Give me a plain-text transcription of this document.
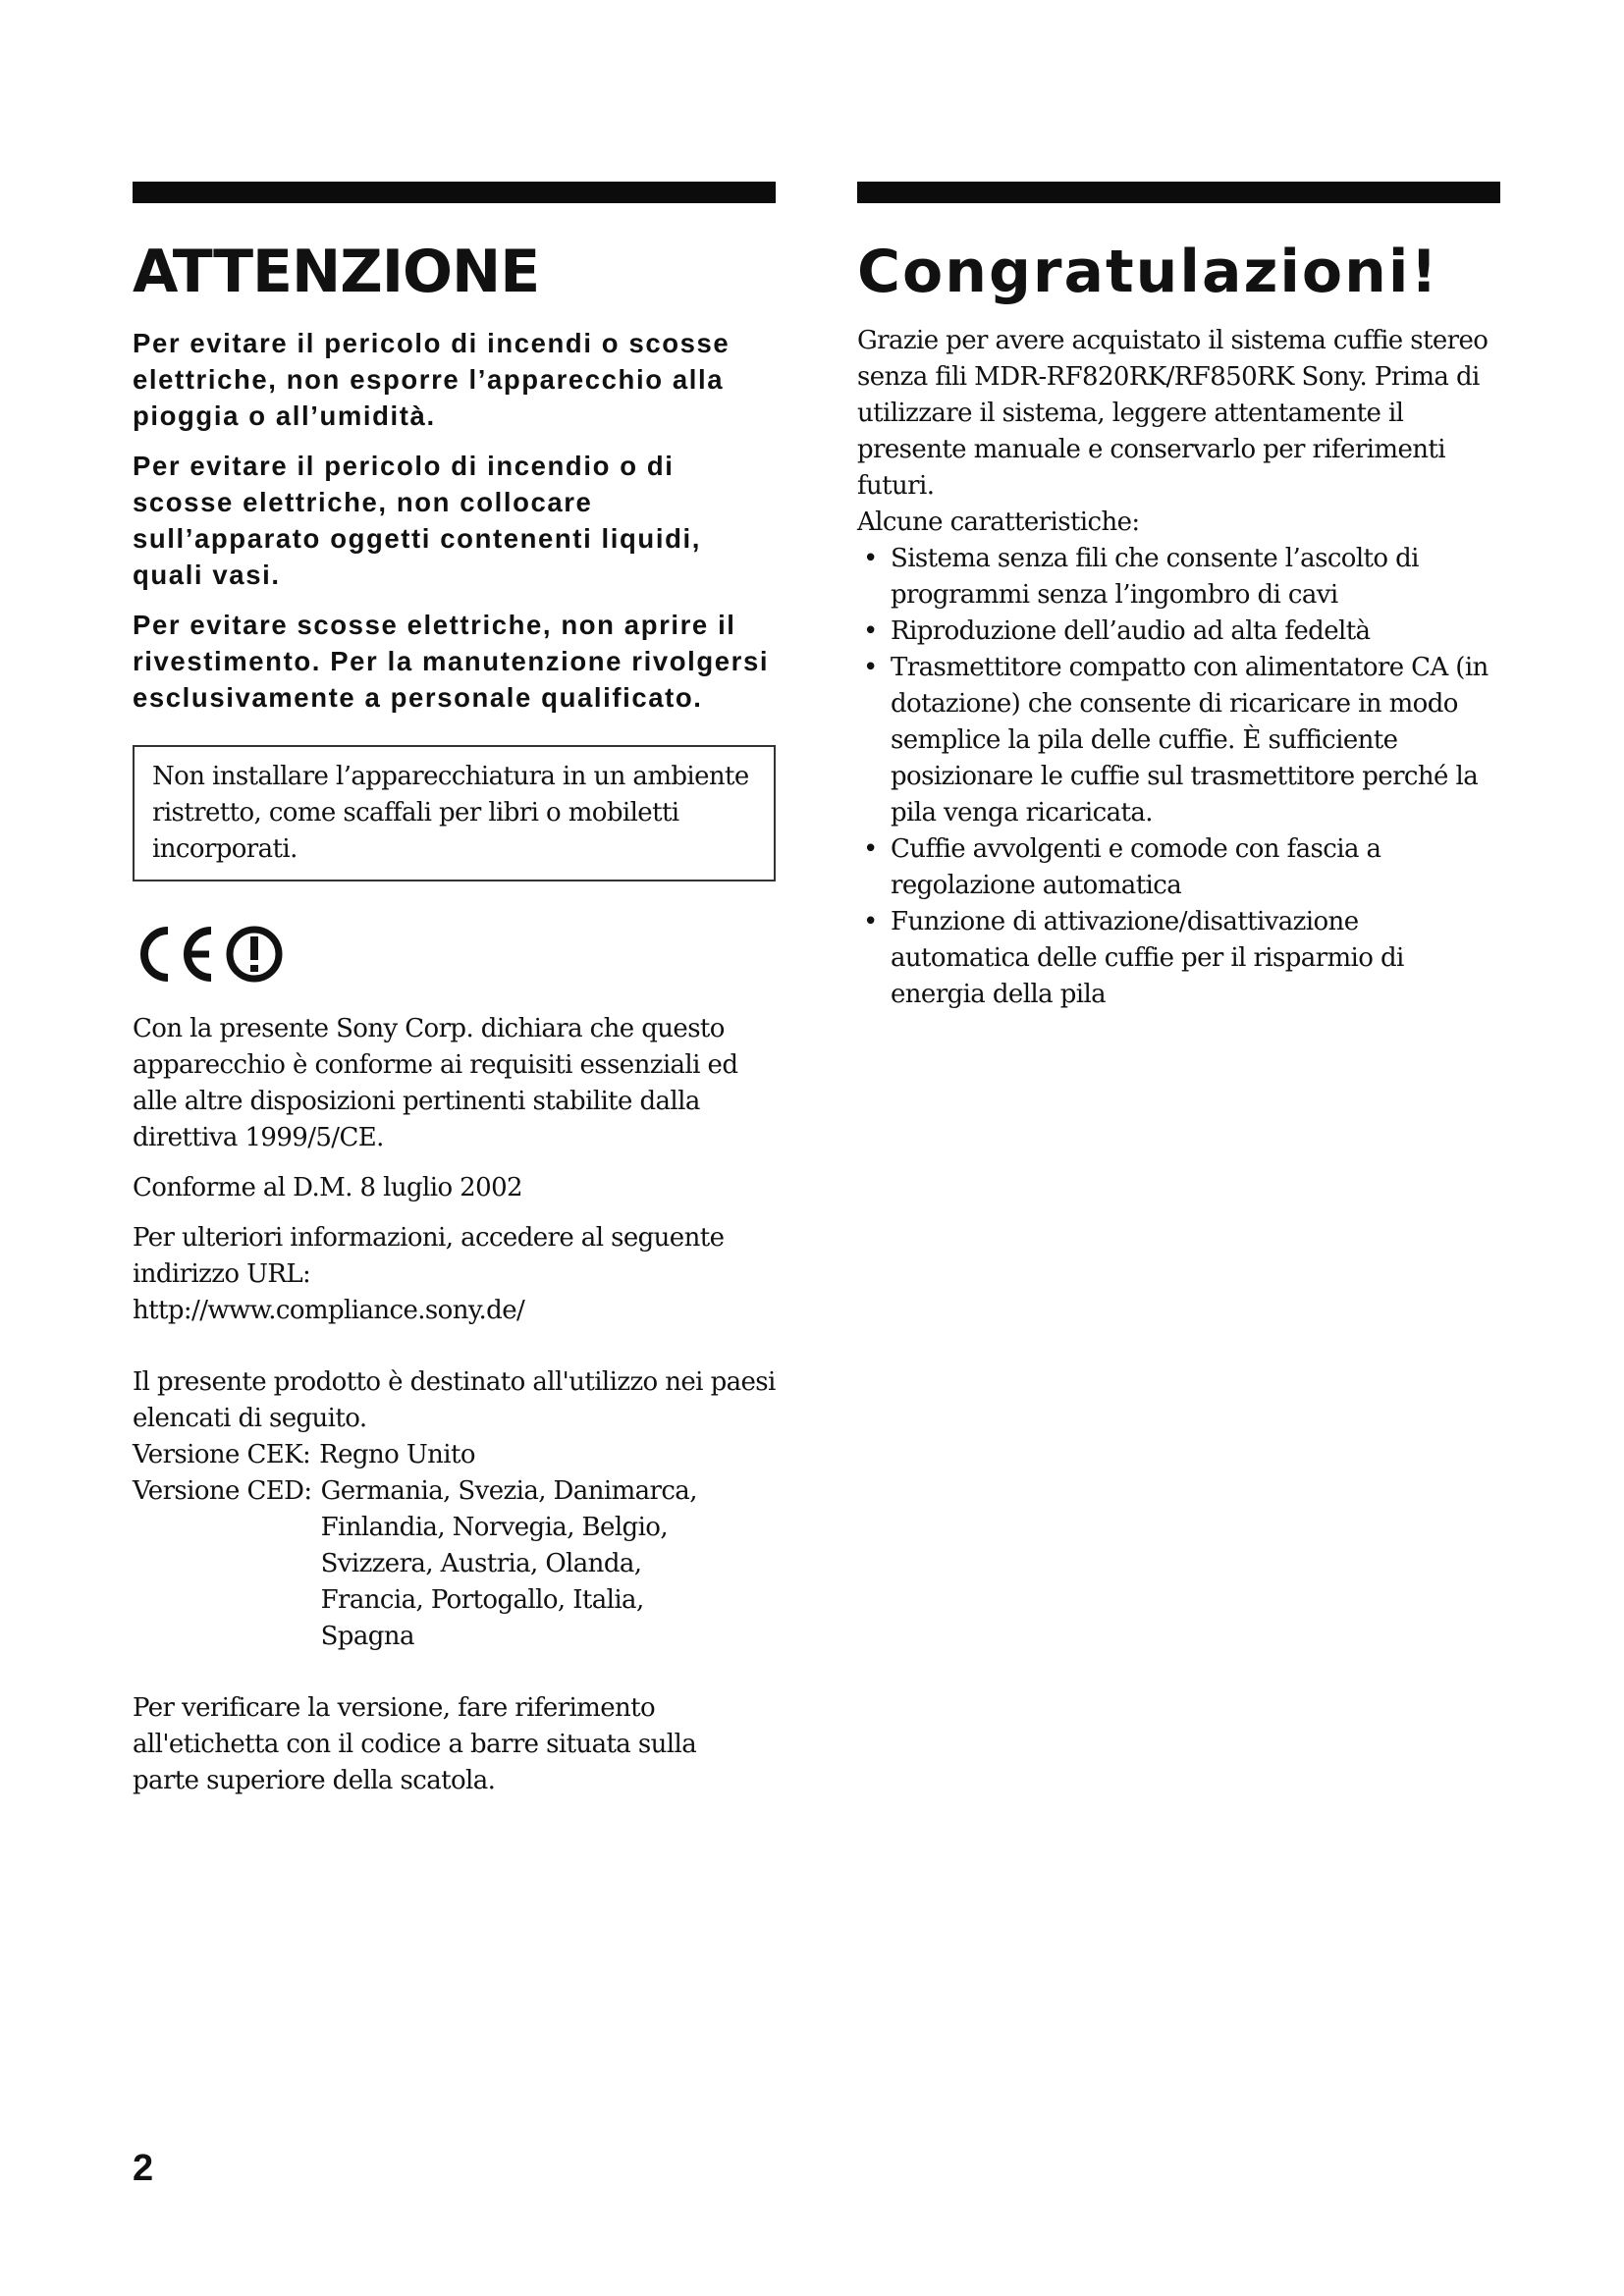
ATTENZIONE

Per evitare il pericolo di incendi o scosse elettriche, non esporre l’apparecchio alla pioggia o all’umidità.

Per evitare il pericolo di incendio o di scosse elettriche, non collocare sull’apparato oggetti contenenti liquidi, quali vasi.

Per evitare scosse elettriche, non aprire il rivestimento. Per la manutenzione rivolgersi esclusivamente a personale qualificato.

Non installare l’apparecchiatura in un ambiente ristretto, come scaffali per libri o mobiletti incorporati.

Con la presente Sony Corp. dichiara che questo apparecchio è conforme ai requisiti essenziali ed alle altre disposizioni pertinenti stabilite dalla direttiva 1999/5/CE.

Conforme al D.M. 8 luglio 2002

Per ulteriori informazioni, accedere al seguente indirizzo URL:

http://www.compliance.sony.de/

Il presente prodotto è destinato all'utilizzo nei paesi elencati di seguito.

Versione CEK: Regno Unito
Versione CED: Germania, Svezia, Danimarca, Finlandia, Norvegia, Belgio, Svizzera, Austria, Olanda, Francia, Portogallo, Italia, Spagna

Per verificare la versione, fare riferimento all'etichetta con il codice a barre situata sulla parte superiore della scatola.

Congratulazioni!

Grazie per avere acquistato il sistema cuffie stereo senza fili MDR-RF820RK/RF850RK Sony. Prima di utilizzare il sistema, leggere attentamente il presente manuale e conservarlo per riferimenti futuri.

Alcune caratteristiche:

• Sistema senza fili che consente l’ascolto di programmi senza l’ingombro di cavi
• Riproduzione dell’audio ad alta fedeltà
• Trasmettitore compatto con alimentatore CA (in dotazione) che consente di ricaricare in modo semplice la pila delle cuffie. È sufficiente posizionare le cuffie sul trasmettitore perché la pila venga ricaricata.
• Cuffie avvolgenti e comode con fascia a regolazione automatica
• Funzione di attivazione/disattivazione automatica delle cuffie per il risparmio di energia della pila
2
